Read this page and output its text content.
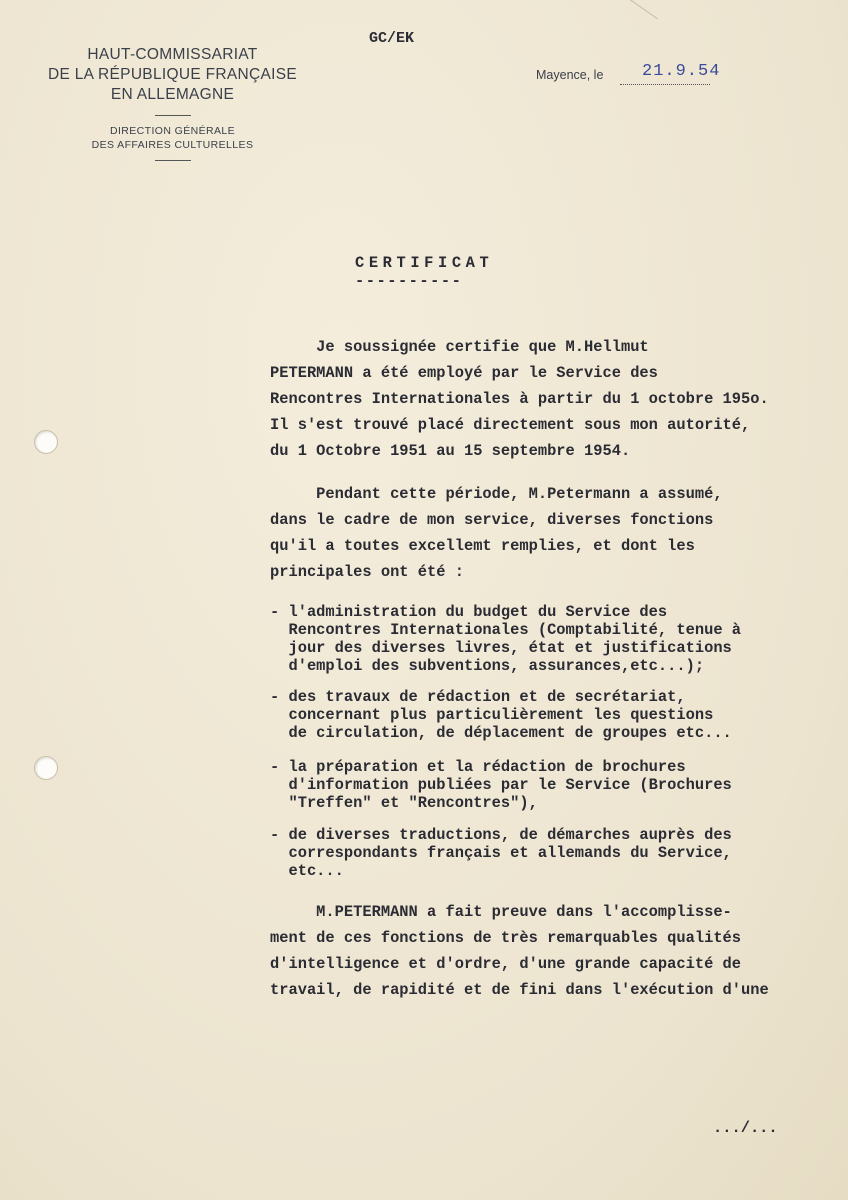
HAUT-COMMISSARIAT
DE LA RÉPUBLIQUE FRANÇAISE
EN ALLEMAGNE
DIRECTION GÉNÉRALE
DES AFFAIRES CULTURELLES
GC/EK
Mayence, le 21.9.54
CERTIFICAT
----------
Je soussignée certifie que M.Hellmut
PETERMANN a été employé par le Service des
Rencontres Internationales à partir du 1 octobre 195o.
Il s'est trouvé placé directement sous mon autorité,
du 1 Octobre 1951 au 15 septembre 1954.
Pendant cette période, M.Petermann a assumé,
dans le cadre de mon service, diverses fonctions
qu'il a toutes excellemt remplies, et dont les
principales ont été :
- l'administration du budget du Service des
Rencontres Internationales (Comptabilité, tenue à
jour des diverses livres, état et justifications
d'emploi des subventions, assurances,etc...);
- des travaux de rédaction et de secrétariat,
concernant plus particulièrement les questions
de circulation, de déplacement de groupes etc...
- la préparation et la rédaction de brochures
d'information publiées par le Service (Brochures
"Treffen" et "Rencontres"),
- de diverses traductions, de démarches auprès des
correspondants français et allemands du Service,
etc...
M.PETERMANN a fait preuve dans l'accomplisse-
ment de ces fonctions de très remarquables qualités
d'intelligence et d'ordre, d'une grande capacité de
travail, de rapidité et de fini dans l'exécution d'une
.../...
